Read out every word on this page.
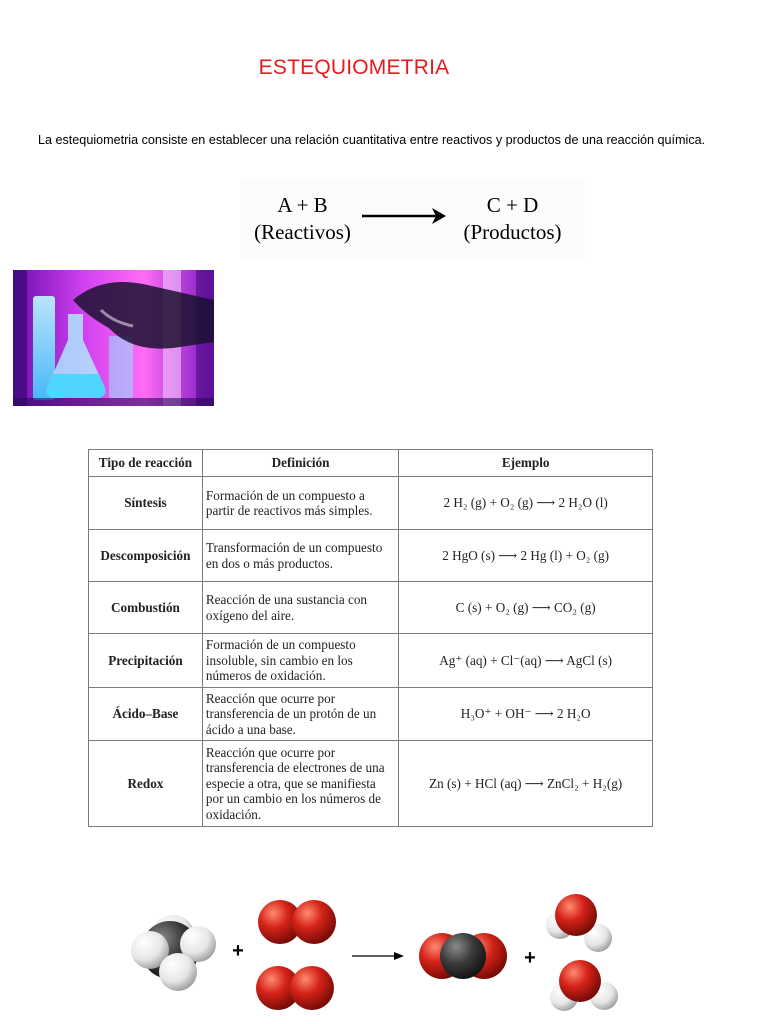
ESTEQUIOMETRIA
La estequiometria consiste en establecer una relación cuantitativa entre reactivos y productos de una reacción química.
A + B
(Reactivos)
C + D
(Productos)
Tipo de reacción	Definición	Ejemplo
Síntesis	Formación de un compuesto a partir de reactivos más simples.	2 H₂ (g) + O₂ (g) ⟶ 2 H₂O (l)
Descomposición	Transformación de un compuesto en dos o más productos.	2 HgO (s) ⟶ 2 Hg (l) + O₂ (g)
Combustión	Reacción de una sustancia con oxígeno del aire.	C (s) + O₂ (g) ⟶ CO₂ (g)
Precipitación	Formación de un compuesto insoluble, sin cambio en los números de oxidación.	Ag⁺ (aq) + Cl⁻(aq) ⟶ AgCl (s)
Ácido–Base	Reacción que ocurre por transferencia de un protón de un ácido a una base.	H₃O⁺ + OH⁻ ⟶ 2 H₂O
Redox	Reacción que ocurre por transferencia de electrones de una especie a otra, que se manifiesta por un cambio en los números de oxidación.	Zn (s) + HCl (aq) ⟶ ZnCl₂ + H₂(g)
+	+
